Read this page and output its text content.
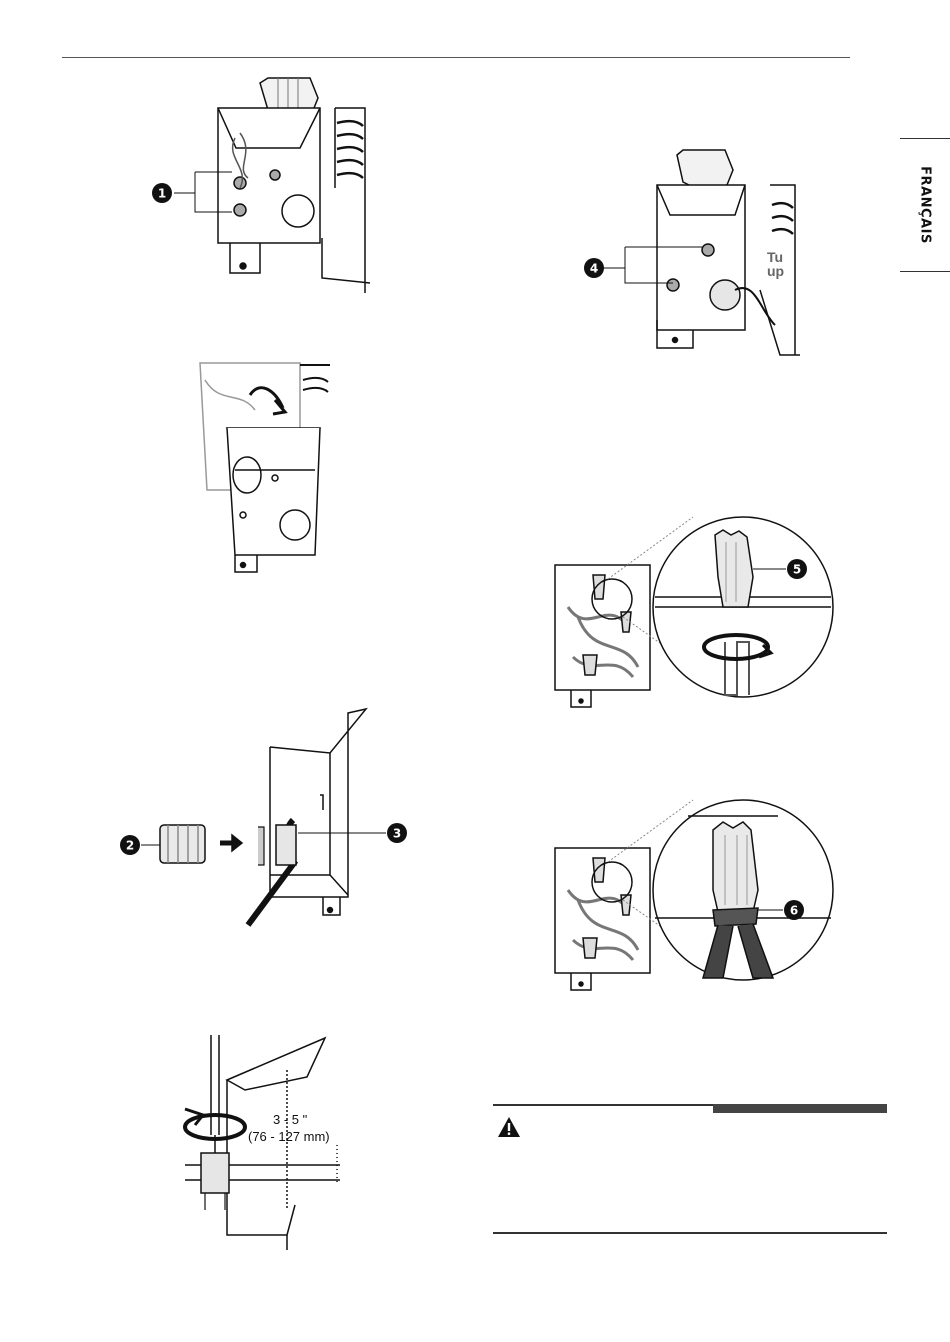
FRANÇAIS
1
2
3
3 - 5 "
(76 - 127 mm)
Tu
up
4
5
6
